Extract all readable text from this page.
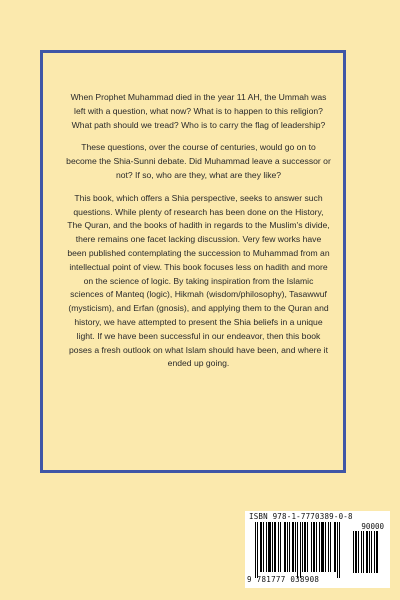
When Prophet Muhammad died in the year 11 AH, the Ummah was left with a question, what now? What is to happen to this religion? What path should we tread? Who is to carry the flag of leadership?

These questions, over the course of centuries, would go on to become the Shia-Sunni debate. Did Muhammad leave a successor or not? If so, who are they, what are they like?

This book, which offers a Shia perspective, seeks to answer such questions. While plenty of research has been done on the History, The Quran, and the books of hadith in regards to the Muslim's divide, there remains one facet lacking discussion. Very few works have been published contemplating the succession to Muhammad from an intellectual point of view. This book focuses less on hadith and more on the science of logic. By taking inspiration from the Islamic sciences of Manteq (logic), Hikmah (wisdom/philosophy), Tasawwuf (mysticism), and Erfan (gnosis), and applying them to the Quran and history, we have attempted to present the Shia beliefs in a unique light. If we have been successful in our endeavor, then this book poses a fresh outlook on what Islam should have been, and where it ended up going.

ISBN 978-1-7770389-0-8
90000
9 781777 038908
